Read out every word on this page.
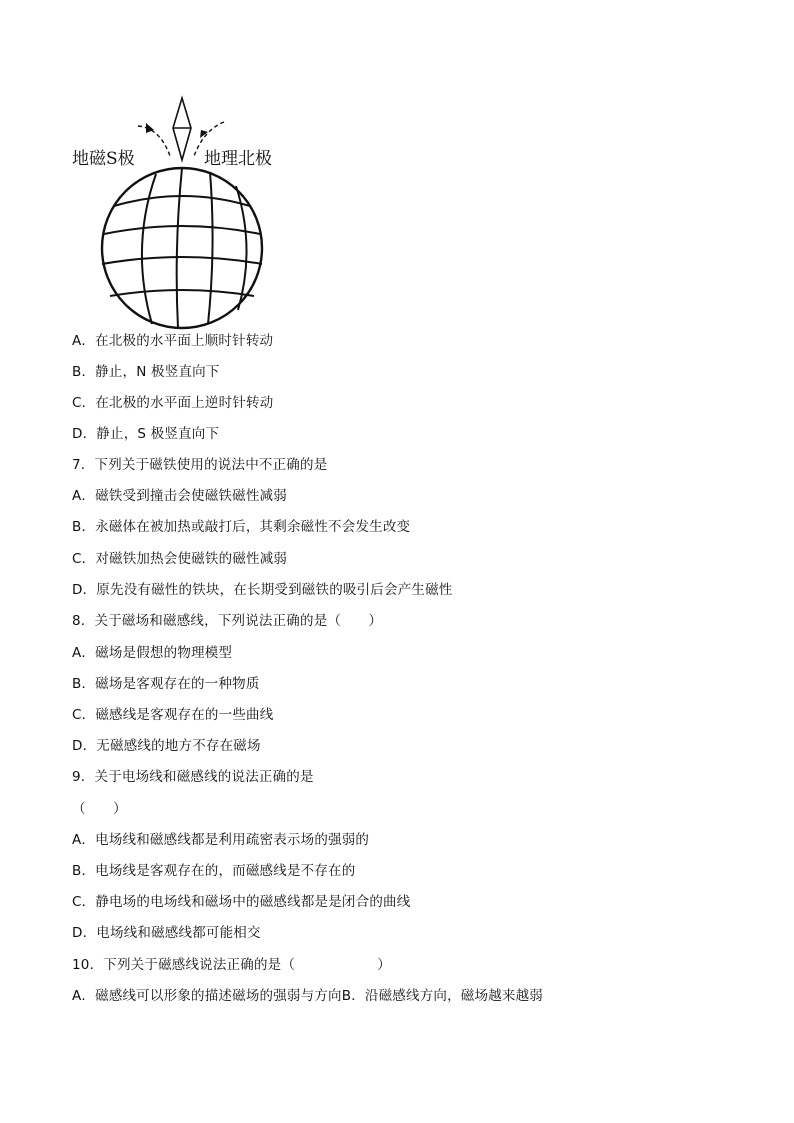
地磁S极	地理北极
A．在北极的水平面上顺时针转动
B．静止，N 极竖直向下
C．在北极的水平面上逆时针转动
D．静止，S 极竖直向下
7．下列关于磁铁使用的说法中不正确的是
A．磁铁受到撞击会使磁铁磁性减弱
B．永磁体在被加热或敲打后，其剩余磁性不会发生改变
C．对磁铁加热会使磁铁的磁性减弱
D．原先没有磁性的铁块，在长期受到磁铁的吸引后会产生磁性
8．关于磁场和磁感线，下列说法正确的是（　　）
A．磁场是假想的物理模型
B．磁场是客观存在的一种物质
C．磁感线是客观存在的一些曲线
D．无磁感线的地方不存在磁场
9．关于电场线和磁感线的说法正确的是
（　　）
A．电场线和磁感线都是利用疏密表示场的强弱的
B．电场线是客观存在的，而磁感线是不存在的
C．静电场的电场线和磁场中的磁感线都是是闭合的曲线
D．电场线和磁感线都可能相交
10．下列关于磁感线说法正确的是（　　　　　　）
A．磁感线可以形象的描述磁场的强弱与方向B．沿磁感线方向，磁场越来越弱
